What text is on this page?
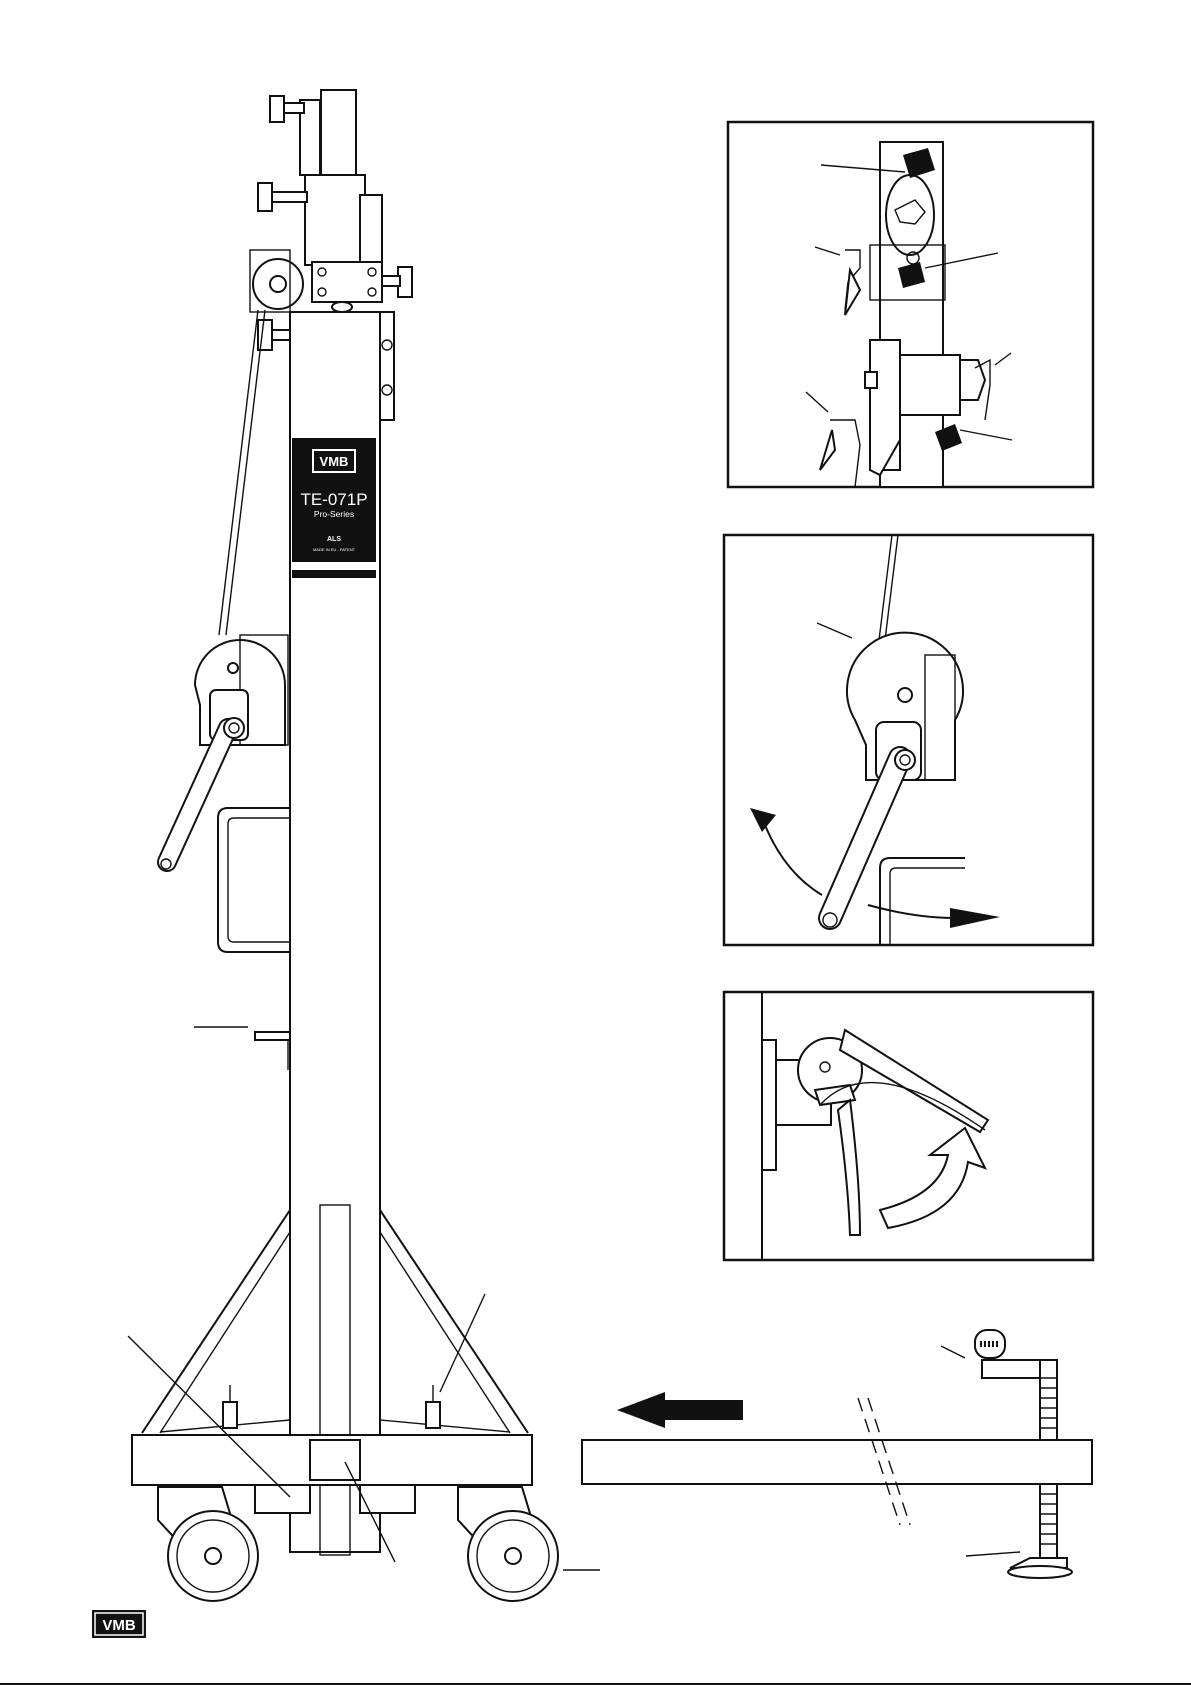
VMB
TE-071P
Pro-Series
ALS
MADE IN EU - PATENT
VMB
